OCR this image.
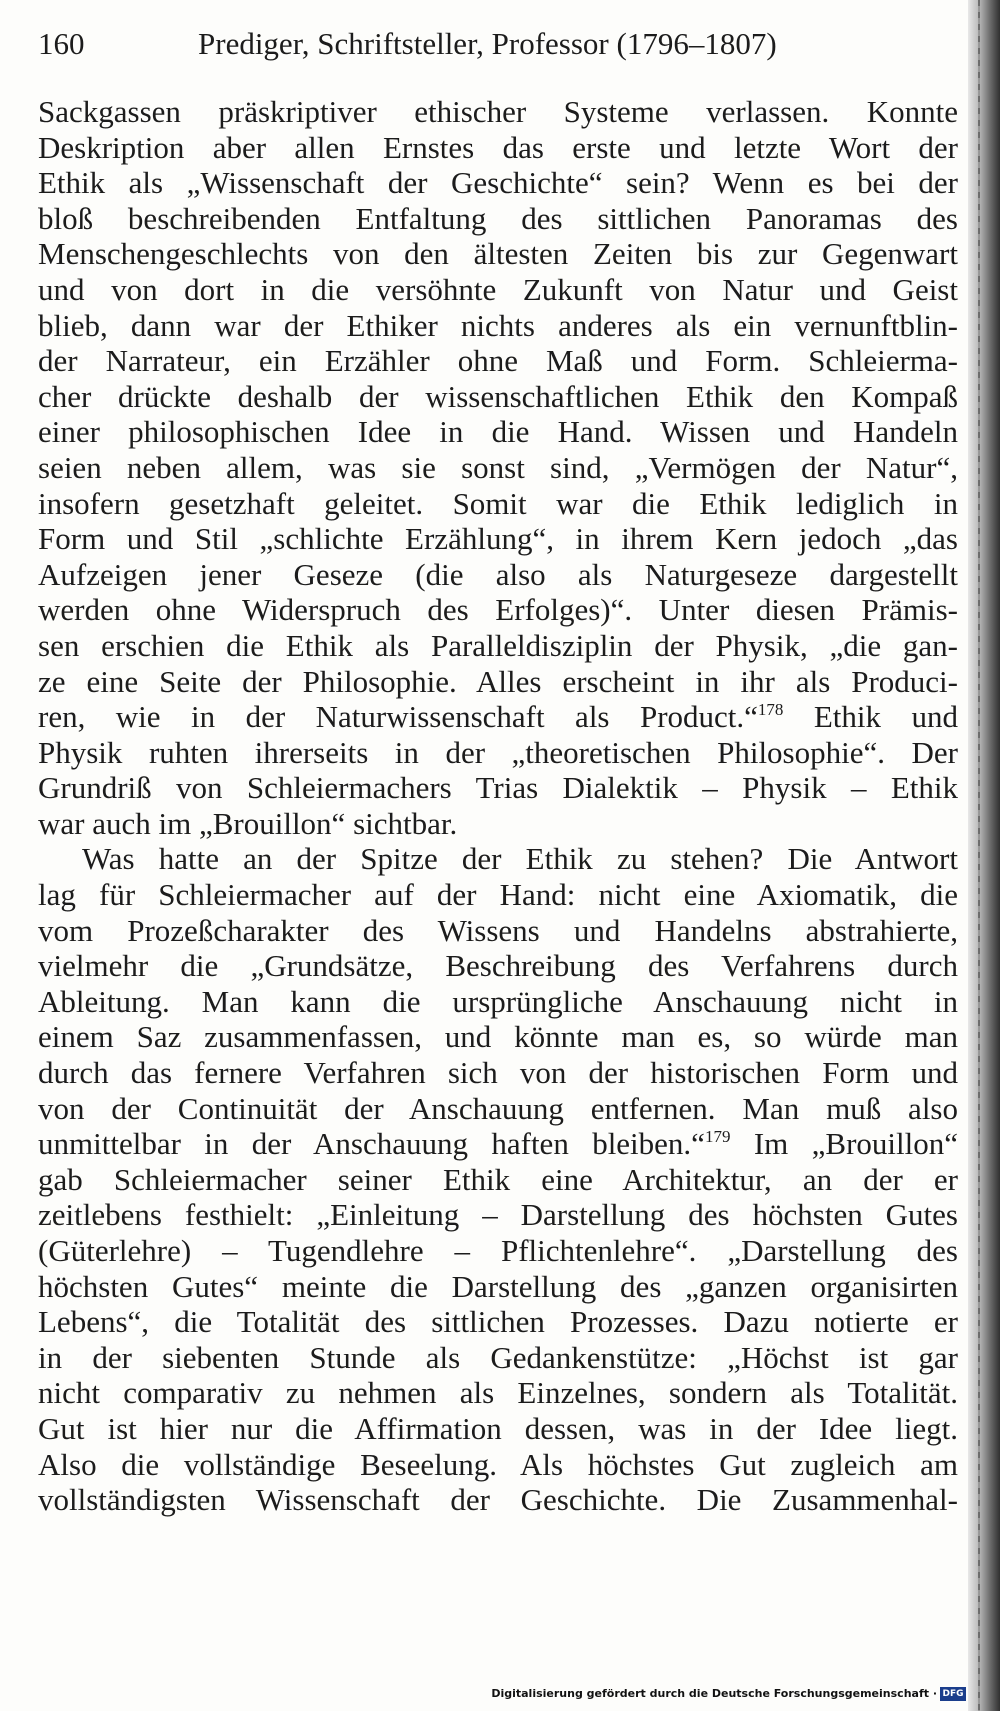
160	Prediger, Schriftsteller, Professor (1796–1807)
Sackgassen präskriptiver ethischer Systeme verlassen. Konnte
Deskription aber allen Ernstes das erste und letzte Wort der
Ethik als „Wissenschaft der Geschichte“ sein? Wenn es bei der
bloß beschreibenden Entfaltung des sittlichen Panoramas des
Menschengeschlechts von den ältesten Zeiten bis zur Gegenwart
und von dort in die versöhnte Zukunft von Natur und Geist
blieb, dann war der Ethiker nichts anderes als ein vernunftblin-
der Narrateur, ein Erzähler ohne Maß und Form. Schleierma-
cher drückte deshalb der wissenschaftlichen Ethik den Kompaß
einer philosophischen Idee in die Hand. Wissen und Handeln
seien neben allem, was sie sonst sind, „Vermögen der Natur“,
insofern gesetzhaft geleitet. Somit war die Ethik lediglich in
Form und Stil „schlichte Erzählung“, in ihrem Kern jedoch „das
Aufzeigen jener Geseze (die also als Naturgeseze dargestellt
werden ohne Widerspruch des Erfolges)“. Unter diesen Prämis-
sen erschien die Ethik als Paralleldisziplin der Physik, „die gan-
ze eine Seite der Philosophie. Alles erscheint in ihr als Produci-
ren, wie in der Naturwissenschaft als Product.“$^{178}$ Ethik und
Physik ruhten ihrerseits in der „theoretischen Philosophie“. Der
Grundriß von Schleiermachers Trias Dialektik – Physik – Ethik
war auch im „Brouillon“ sichtbar.
Was hatte an der Spitze der Ethik zu stehen? Die Antwort
lag für Schleiermacher auf der Hand: nicht eine Axiomatik, die
vom Prozeßcharakter des Wissens und Handelns abstrahierte,
vielmehr die „Grundsätze, Beschreibung des Verfahrens durch
Ableitung. Man kann die ursprüngliche Anschauung nicht in
einem Saz zusammenfassen, und könnte man es, so würde man
durch das fernere Verfahren sich von der historischen Form und
von der Continuität der Anschauung entfernen. Man muß also
unmittelbar in der Anschauung haften bleiben.“$^{179}$ Im „Brouillon“
gab Schleiermacher seiner Ethik eine Architektur, an der er
zeitlebens festhielt: „Einleitung – Darstellung des höchsten Gutes
(Güterlehre) – Tugendlehre – Pflichtenlehre“. „Darstellung des
höchsten Gutes“ meinte die Darstellung des „ganzen organisirten
Lebens“, die Totalität des sittlichen Prozesses. Dazu notierte er
in der siebenten Stunde als Gedankenstütze: „Höchst ist gar
nicht comparativ zu nehmen als Einzelnes, sondern als Totalität.
Gut ist hier nur die Affirmation dessen, was in der Idee liegt.
Also die vollständige Beseelung. Als höchstes Gut zugleich am
vollständigsten Wissenschaft der Geschichte. Die Zusammenhal-
Digitalisierung gefördert durch die Deutsche Forschungsgemeinschaft · DFG
